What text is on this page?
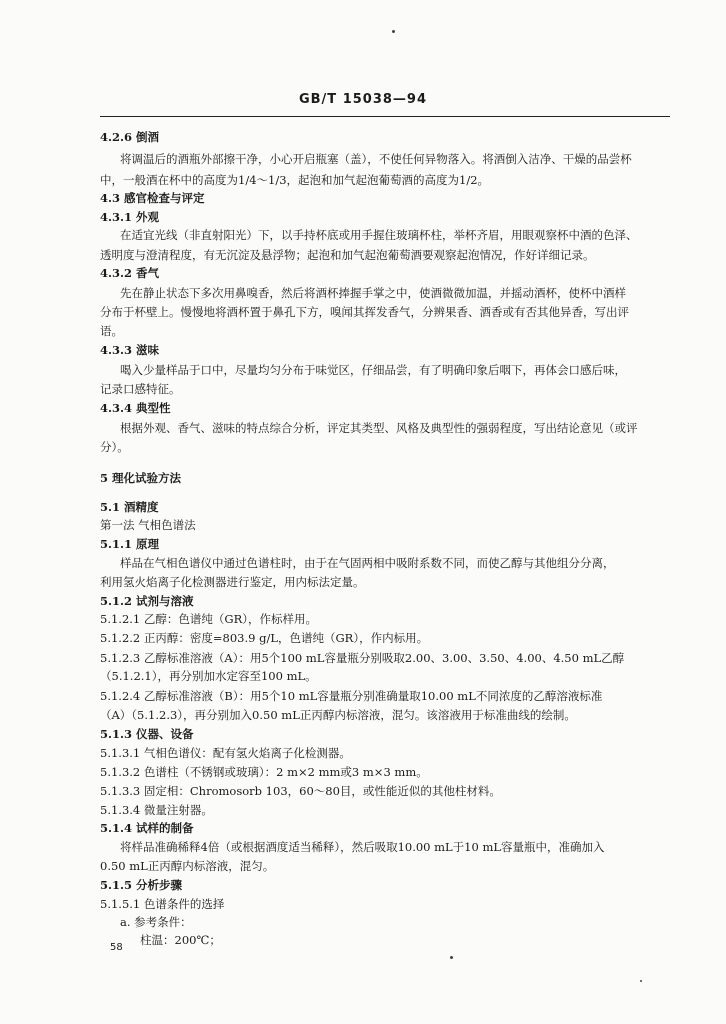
GB/T 15038—94
4.2.6 倒酒
将调温后的酒瓶外部擦干净，小心开启瓶塞（盖），不使任何异物落入。将酒倒入洁净、干燥的品尝杯
中，一般酒在杯中的高度为1/4～1/3，起泡和加气起泡葡萄酒的高度为1/2。
4.3 感官检查与评定
4.3.1 外观
在适宜光线（非直射阳光）下，以手持杯底或用手握住玻璃杯柱，举杯齐眉，用眼观察杯中酒的色泽、
透明度与澄清程度，有无沉淀及悬浮物；起泡和加气起泡葡萄酒要观察起泡情况，作好详细记录。
4.3.2 香气
先在静止状态下多次用鼻嗅香，然后将酒杯捧握手掌之中，使酒微微加温，并摇动酒杯，使杯中酒样
分布于杯壁上。慢慢地将酒杯置于鼻孔下方，嗅闻其挥发香气，分辨果香、酒香或有否其他异香，写出评
语。
4.3.3 滋味
喝入少量样品于口中，尽量均匀分布于味觉区，仔细品尝，有了明确印象后咽下，再体会口感后味，
记录口感特征。
4.3.4 典型性
根据外观、香气、滋味的特点综合分析，评定其类型、风格及典型性的强弱程度，写出结论意见（或评
分）。
5 理化试验方法
5.1 酒精度
第一法 气相色谱法
5.1.1 原理
样品在气相色谱仪中通过色谱柱时，由于在气固两相中吸附系数不同，而使乙醇与其他组分分离，
利用氢火焰离子化检测器进行鉴定，用内标法定量。
5.1.2 试剂与溶液
5.1.2.1 乙醇：色谱纯（GR），作标样用。
5.1.2.2 正丙醇：密度=803.9 g/L，色谱纯（GR），作内标用。
5.1.2.3 乙醇标准溶液（A）：用5个100 mL容量瓶分别吸取2.00、3.00、3.50、4.00、4.50 mL乙醇
（5.1.2.1），再分别加水定容至100 mL。
5.1.2.4 乙醇标准溶液（B）：用5个10 mL容量瓶分别准确量取10.00 mL不同浓度的乙醇溶液标准
（A）（5.1.2.3），再分别加入0.50 mL正丙醇内标溶液，混匀。该溶液用于标准曲线的绘制。
5.1.3 仪器、设备
5.1.3.1 气相色谱仪：配有氢火焰离子化检测器。
5.1.3.2 色谱柱（不锈钢或玻璃）：2 m×2 mm或3 m×3 mm。
5.1.3.3 固定相：Chromosorb 103，60～80目，或性能近似的其他柱材料。
5.1.3.4 微量注射器。
5.1.4 试样的制备
将样品准确稀释4倍（或根据酒度适当稀释），然后吸取10.00 mL于10 mL容量瓶中，准确加入
0.50 mL正丙醇内标溶液，混匀。
5.1.5 分析步骤
5.1.5.1 色谱条件的选择
a. 参考条件：
柱温：200℃；
58
